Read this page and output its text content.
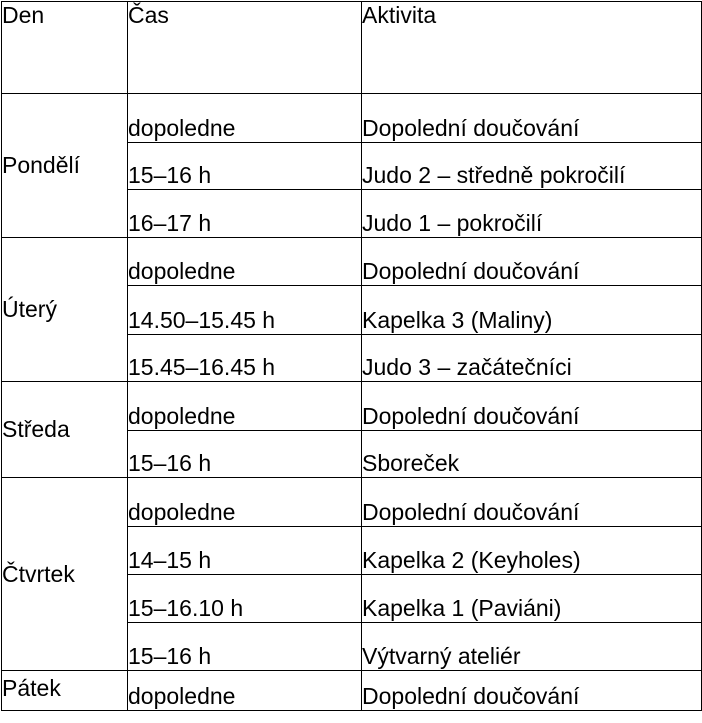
Den	Čas	Aktivita
Pondělí	dopoledne	Dopolední doučování
	15–16 h	Judo 2 – středně pokročilí
	16–17 h	Judo 1 – pokročilí
Úterý	dopoledne	Dopolední doučování
	14.50–15.45 h	Kapelka 3 (Maliny)
	15.45–16.45 h	Judo 3 – začátečníci
Středa	dopoledne	Dopolední doučování
	15–16 h	Sboreček
Čtvrtek	dopoledne	Dopolední doučování
	14–15 h	Kapelka 2 (Keyholes)
	15–16.10 h	Kapelka 1 (Paviáni)
	15–16 h	Výtvarný ateliér
Pátek	dopoledne	Dopolední doučování
